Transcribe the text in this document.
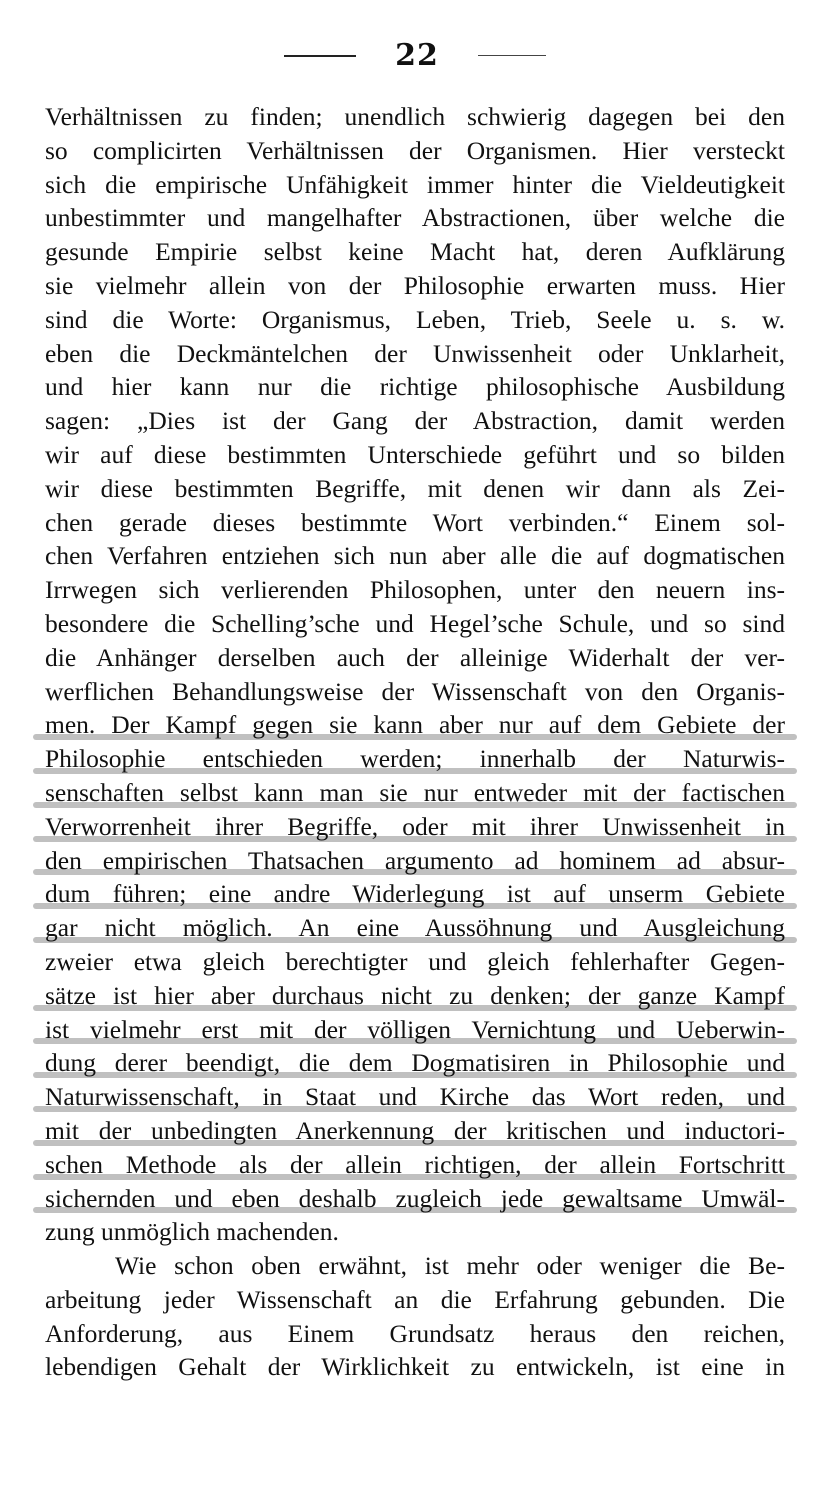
22
Verhältnissen zu finden; unendlich schwierig dagegen bei den
so complicirten Verhältnissen der Organismen. Hier versteckt
sich die empirische Unfähigkeit immer hinter die Vieldeutigkeit
unbestimmter und mangelhafter Abstractionen, über welche die
gesunde Empirie selbst keine Macht hat, deren Aufklärung
sie vielmehr allein von der Philosophie erwarten muss. Hier
sind die Worte: Organismus, Leben, Trieb, Seele u. s. w.
eben die Deckmäntelchen der Unwissenheit oder Unklarheit,
und hier kann nur die richtige philosophische Ausbildung
sagen: „Dies ist der Gang der Abstraction, damit werden
wir auf diese bestimmten Unterschiede geführt und so bilden
wir diese bestimmten Begriffe, mit denen wir dann als Zei-
chen gerade dieses bestimmte Wort verbinden.“ Einem sol-
chen Verfahren entziehen sich nun aber alle die auf dogmatischen
Irrwegen sich verlierenden Philosophen, unter den neuern ins-
besondere die Schelling’sche und Hegel’sche Schule, und so sind
die Anhänger derselben auch der alleinige Widerhalt der ver-
werflichen Behandlungsweise der Wissenschaft von den Organis-
men. Der Kampf gegen sie kann aber nur auf dem Gebiete der
Philosophie entschieden werden; innerhalb der Naturwis-
senschaften selbst kann man sie nur entweder mit der factischen
Verworrenheit ihrer Begriffe, oder mit ihrer Unwissenheit in
den empirischen Thatsachen argumento ad hominem ad absur-
dum führen; eine andre Widerlegung ist auf unserm Gebiete
gar nicht möglich. An eine Aussöhnung und Ausgleichung
zweier etwa gleich berechtigter und gleich fehlerhafter Gegen-
sätze ist hier aber durchaus nicht zu denken; der ganze Kampf
ist vielmehr erst mit der völligen Vernichtung und Ueberwin-
dung derer beendigt, die dem Dogmatisiren in Philosophie und
Naturwissenschaft, in Staat und Kirche das Wort reden, und
mit der unbedingten Anerkennung der kritischen und inductori-
schen Methode als der allein richtigen, der allein Fortschritt
sichernden und eben deshalb zugleich jede gewaltsame Umwäl-
zung unmöglich machenden.
Wie schon oben erwähnt, ist mehr oder weniger die Be-
arbeitung jeder Wissenschaft an die Erfahrung gebunden. Die
Anforderung, aus Einem Grundsatz heraus den reichen,
lebendigen Gehalt der Wirklichkeit zu entwickeln, ist eine in
